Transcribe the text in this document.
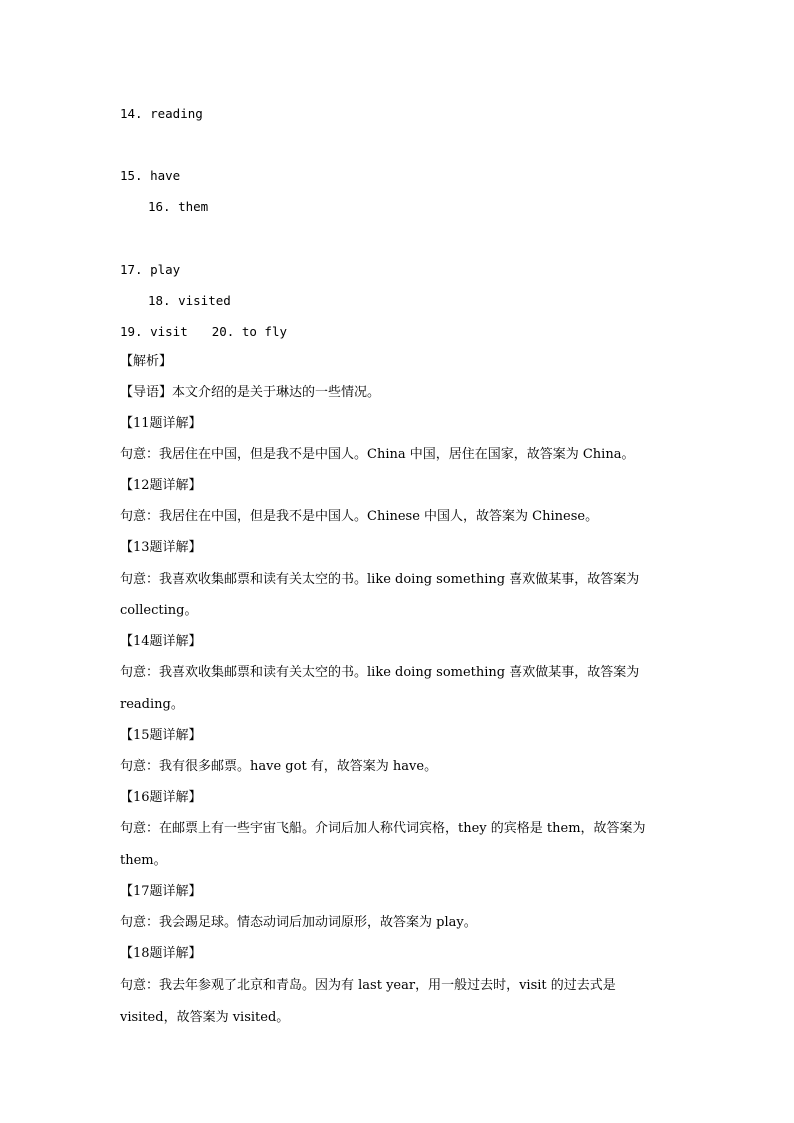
14. reading
15. have
16. them
17. play
18. visited
19. visit 20. to fly
【解析】
【导语】本文介绍的是关于琳达的一些情况。
【11题详解】
句意：我居住在中国，但是我不是中国人。China 中国，居住在国家，故答案为 China。
【12题详解】
句意：我居住在中国，但是我不是中国人。Chinese 中国人，故答案为 Chinese。
【13题详解】
句意：我喜欢收集邮票和读有关太空的书。like doing something 喜欢做某事，故答案为
collecting。
【14题详解】
句意：我喜欢收集邮票和读有关太空的书。like doing something 喜欢做某事，故答案为
reading。
【15题详解】
句意：我有很多邮票。have got 有，故答案为 have。
【16题详解】
句意：在邮票上有一些宇宙飞船。介词后加人称代词宾格，they 的宾格是 them，故答案为
them。
【17题详解】
句意：我会踢足球。情态动词后加动词原形，故答案为 play。
【18题详解】
句意：我去年参观了北京和青岛。因为有 last year，用一般过去时，visit 的过去式是
visited，故答案为 visited。
